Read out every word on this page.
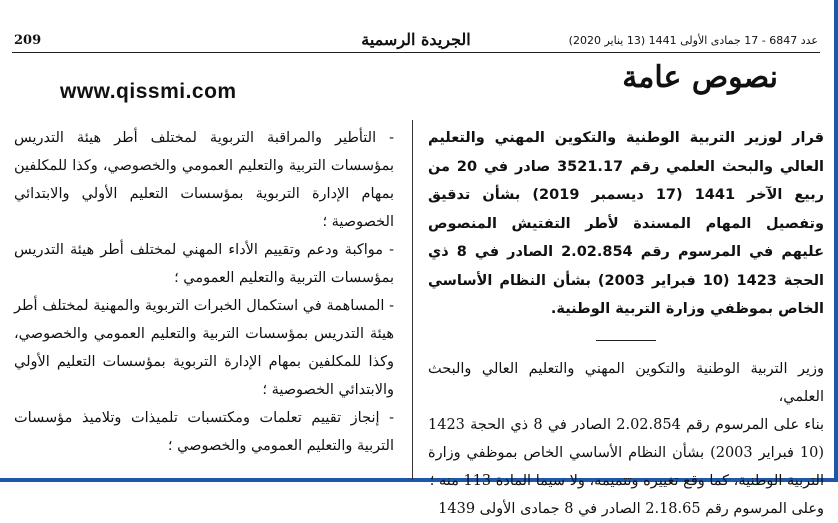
209	الجريدة الرسمية	عدد 6847 - 17 جمادى الأولى 1441 (13 يناير 2020)
نصوص عامة
www.qissmi.com

قرار لوزير التربية الوطنية والتكوين المهني والتعليم العالي والبحث العلمي رقم 3521.17 صادر في 20 من ربيع الآخر 1441 (17 ديسمبر 2019) بشأن تدقيق وتفصيل المهام المسندة لأطر التفتيش المنصوص عليهم في المرسوم رقم 2.02.854 الصادر في 8 ذي الحجة 1423 (10 فبراير 2003) بشأن النظام الأساسي الخاص بموظفي وزارة التربية الوطنية.

وزير التربية الوطنية والتكوين المهني والتعليم العالي والبحث العلمي،

بناء على المرسوم رقم 2.02.854 الصادر في 8 ذي الحجة 1423 (10 فبراير 2003) بشأن النظام الأساسي الخاص بموظفي وزارة التربية الوطنية، كما وقع تغييره وتتميمه، ولا سيما المادة 113 منه ؛

وعلى المرسوم رقم 2.18.65 الصادر في 8 جمادى الأولى 1439

- التأطير والمراقبة التربوية لمختلف أطر هيئة التدريس بمؤسسات التربية والتعليم العمومي والخصوصي، وكذا للمكلفين بمهام الإدارة التربوية بمؤسسات التعليم الأولي والابتدائي الخصوصية ؛

- مواكبة ودعم وتقييم الأداء المهني لمختلف أطر هيئة التدريس بمؤسسات التربية والتعليم العمومي ؛

- المساهمة في استكمال الخبرات التربوية والمهنية لمختلف أطر هيئة التدريس بمؤسسات التربية والتعليم العمومي والخصوصي، وكذا للمكلفين بمهام الإدارة التربوية بمؤسسات التعليم الأولي والابتدائي الخصوصية ؛

- إنجاز تقييم تعلمات ومكتسبات تلميذات وتلاميذ مؤسسات التربية والتعليم العمومي والخصوصي ؛
